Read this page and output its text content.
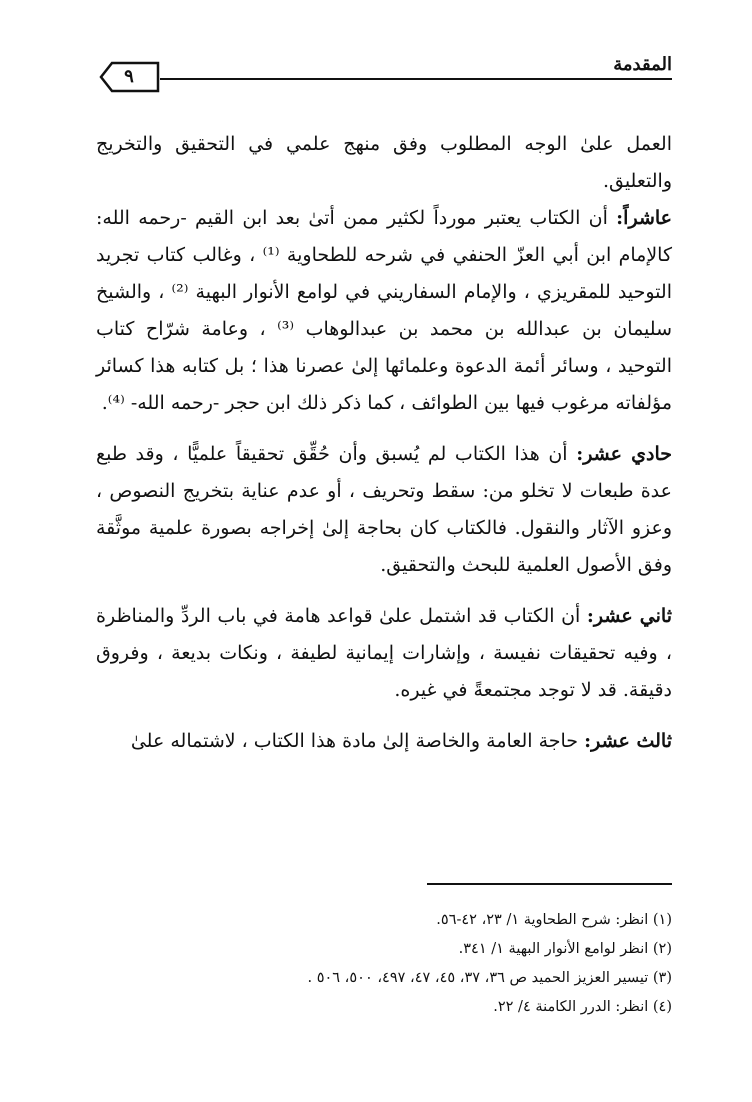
المقدمة
٩

العمل علىٰ الوجه المطلوب وفق منهج علمي في التحقيق والتخريج والتعليق.

عاشراً: أن الكتاب يعتبر مورداً لكثير ممن أتىٰ بعد ابن القيم -رحمه الله: كالإمام ابن أبي العزّ الحنفي في شرحه للطحاوية ⁽¹⁾ ، وغالب كتاب تجريد التوحيد للمقريزي ، والإمام السفاريني في لوامع الأنوار البهية ⁽²⁾ ، والشيخ سليمان بن عبدالله بن محمد بن عبدالوهاب ⁽³⁾ ، وعامة شرّاح كتاب التوحيد ، وسائر أئمة الدعوة وعلمائها إلىٰ عصرنا هذا ؛ بل كتابه هذا كسائر مؤلفاته مرغوب فيها بين الطوائف ، كما ذكر ذلك ابن حجر -رحمه الله- ⁽⁴⁾.

حادي عشر: أن هذا الكتاب لم يُسبق وأن حُقِّق تحقيقاً علميًّا ، وقد طبع عدة طبعات لا تخلو من: سقط وتحريف ، أو عدم عناية بتخريج النصوص ، وعزو الآثار والنقول. فالكتاب كان بحاجة إلىٰ إخراجه بصورة علمية موثَّقة وفق الأصول العلمية للبحث والتحقيق.

ثاني عشر: أن الكتاب قد اشتمل علىٰ قواعد هامة في باب الردِّ والمناظرة ، وفيه تحقيقات نفيسة ، وإشارات إيمانية لطيفة ، ونكات بديعة ، وفروق دقيقة. قد لا توجد مجتمعةً في غيره.

ثالث عشر: حاجة العامة والخاصة إلىٰ مادة هذا الكتاب ، لاشتماله علىٰ

(١) انظر: شرح الطحاوية ١/ ٢٣، ٤٢-٥٦.
(٢) انظر لوامع الأنوار البهية ١/ ٣٤١.
(٣) تيسير العزيز الحميد ص ٣٦، ٣٧، ٤٥، ٤٧، ٤٩٧، ٥٠٠، ٥٠٦ .
(٤) انظر: الدرر الكامنة ٤/ ٢٢.
